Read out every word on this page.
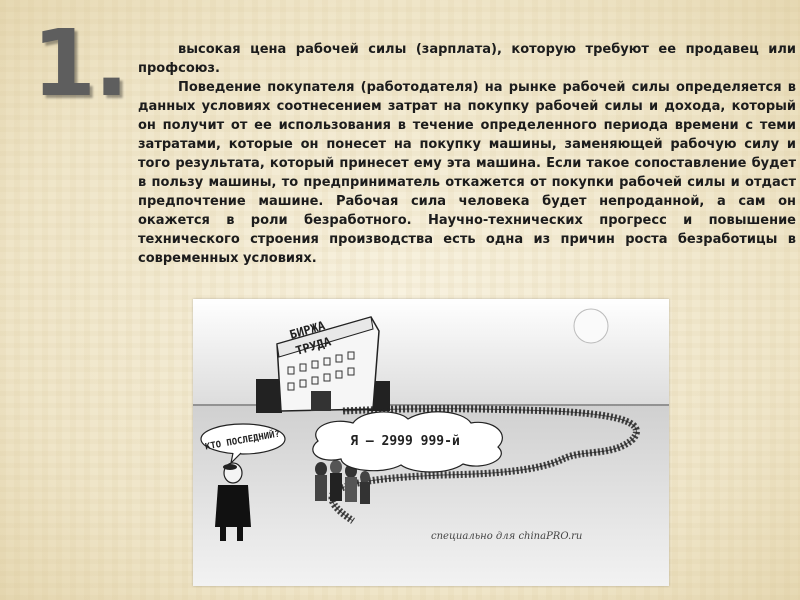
1.	высокая цена рабочей силы (зарплата), которую требуют ее продавец или профсоюз.

Поведение покупателя (работодателя) на рынке рабочей силы определяется в данных условиях соотнесением затрат на покупку рабочей силы и дохода, который он получит от ее использования в течение определенного периода времени с теми затратами, которые он понесет на покупку машины, заменяющей рабочую силу и того результата, который принесет ему эта машина. Если такое сопоставление будет в пользу машины, то предприниматель откажется от покупки рабочей силы и отдаст предпочтение машине. Рабочая сила человека будет непроданной, а сам он окажется в роли безработного. Научно-технических прогресс и повышение технического строения производства есть одна из причин роста безработицы в современных условиях.

БИРЖА
ТРУДА
КТО ПОСЛЕДНИЙ?	Я – 2999 999-й
специально для chinaPRO.ru
